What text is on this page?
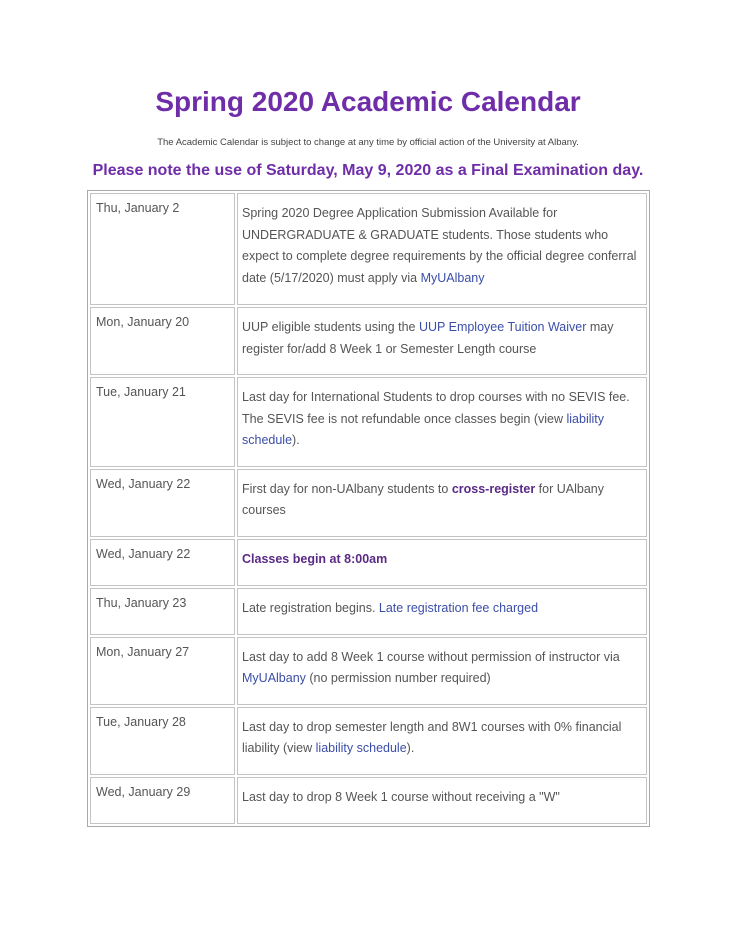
Spring 2020 Academic Calendar
The Academic Calendar is subject to change at any time by official action of the University at Albany.
Please note the use of Saturday, May 9, 2020 as a Final Examination day.
Thu, January 2	Spring 2020 Degree Application Submission Available for UNDERGRADUATE & GRADUATE students. Those students who expect to complete degree requirements by the official degree conferral date (5/17/2020) must apply via MyUAlbany
Mon, January 20	UUP eligible students using the UUP Employee Tuition Waiver may register for/add 8 Week 1 or Semester Length course
Tue, January 21	Last day for International Students to drop courses with no SEVIS fee. The SEVIS fee is not refundable once classes begin (view liability schedule).
Wed, January 22	First day for non-UAlbany students to cross-register for UAlbany courses
Wed, January 22	Classes begin at 8:00am
Thu, January 23	Late registration begins. Late registration fee charged
Mon, January 27	Last day to add 8 Week 1 course without permission of instructor via MyUAlbany (no permission number required)
Tue, January 28	Last day to drop semester length and 8W1 courses with 0% financial liability (view liability schedule).
Wed, January 29	Last day to drop 8 Week 1 course without receiving a "W"
